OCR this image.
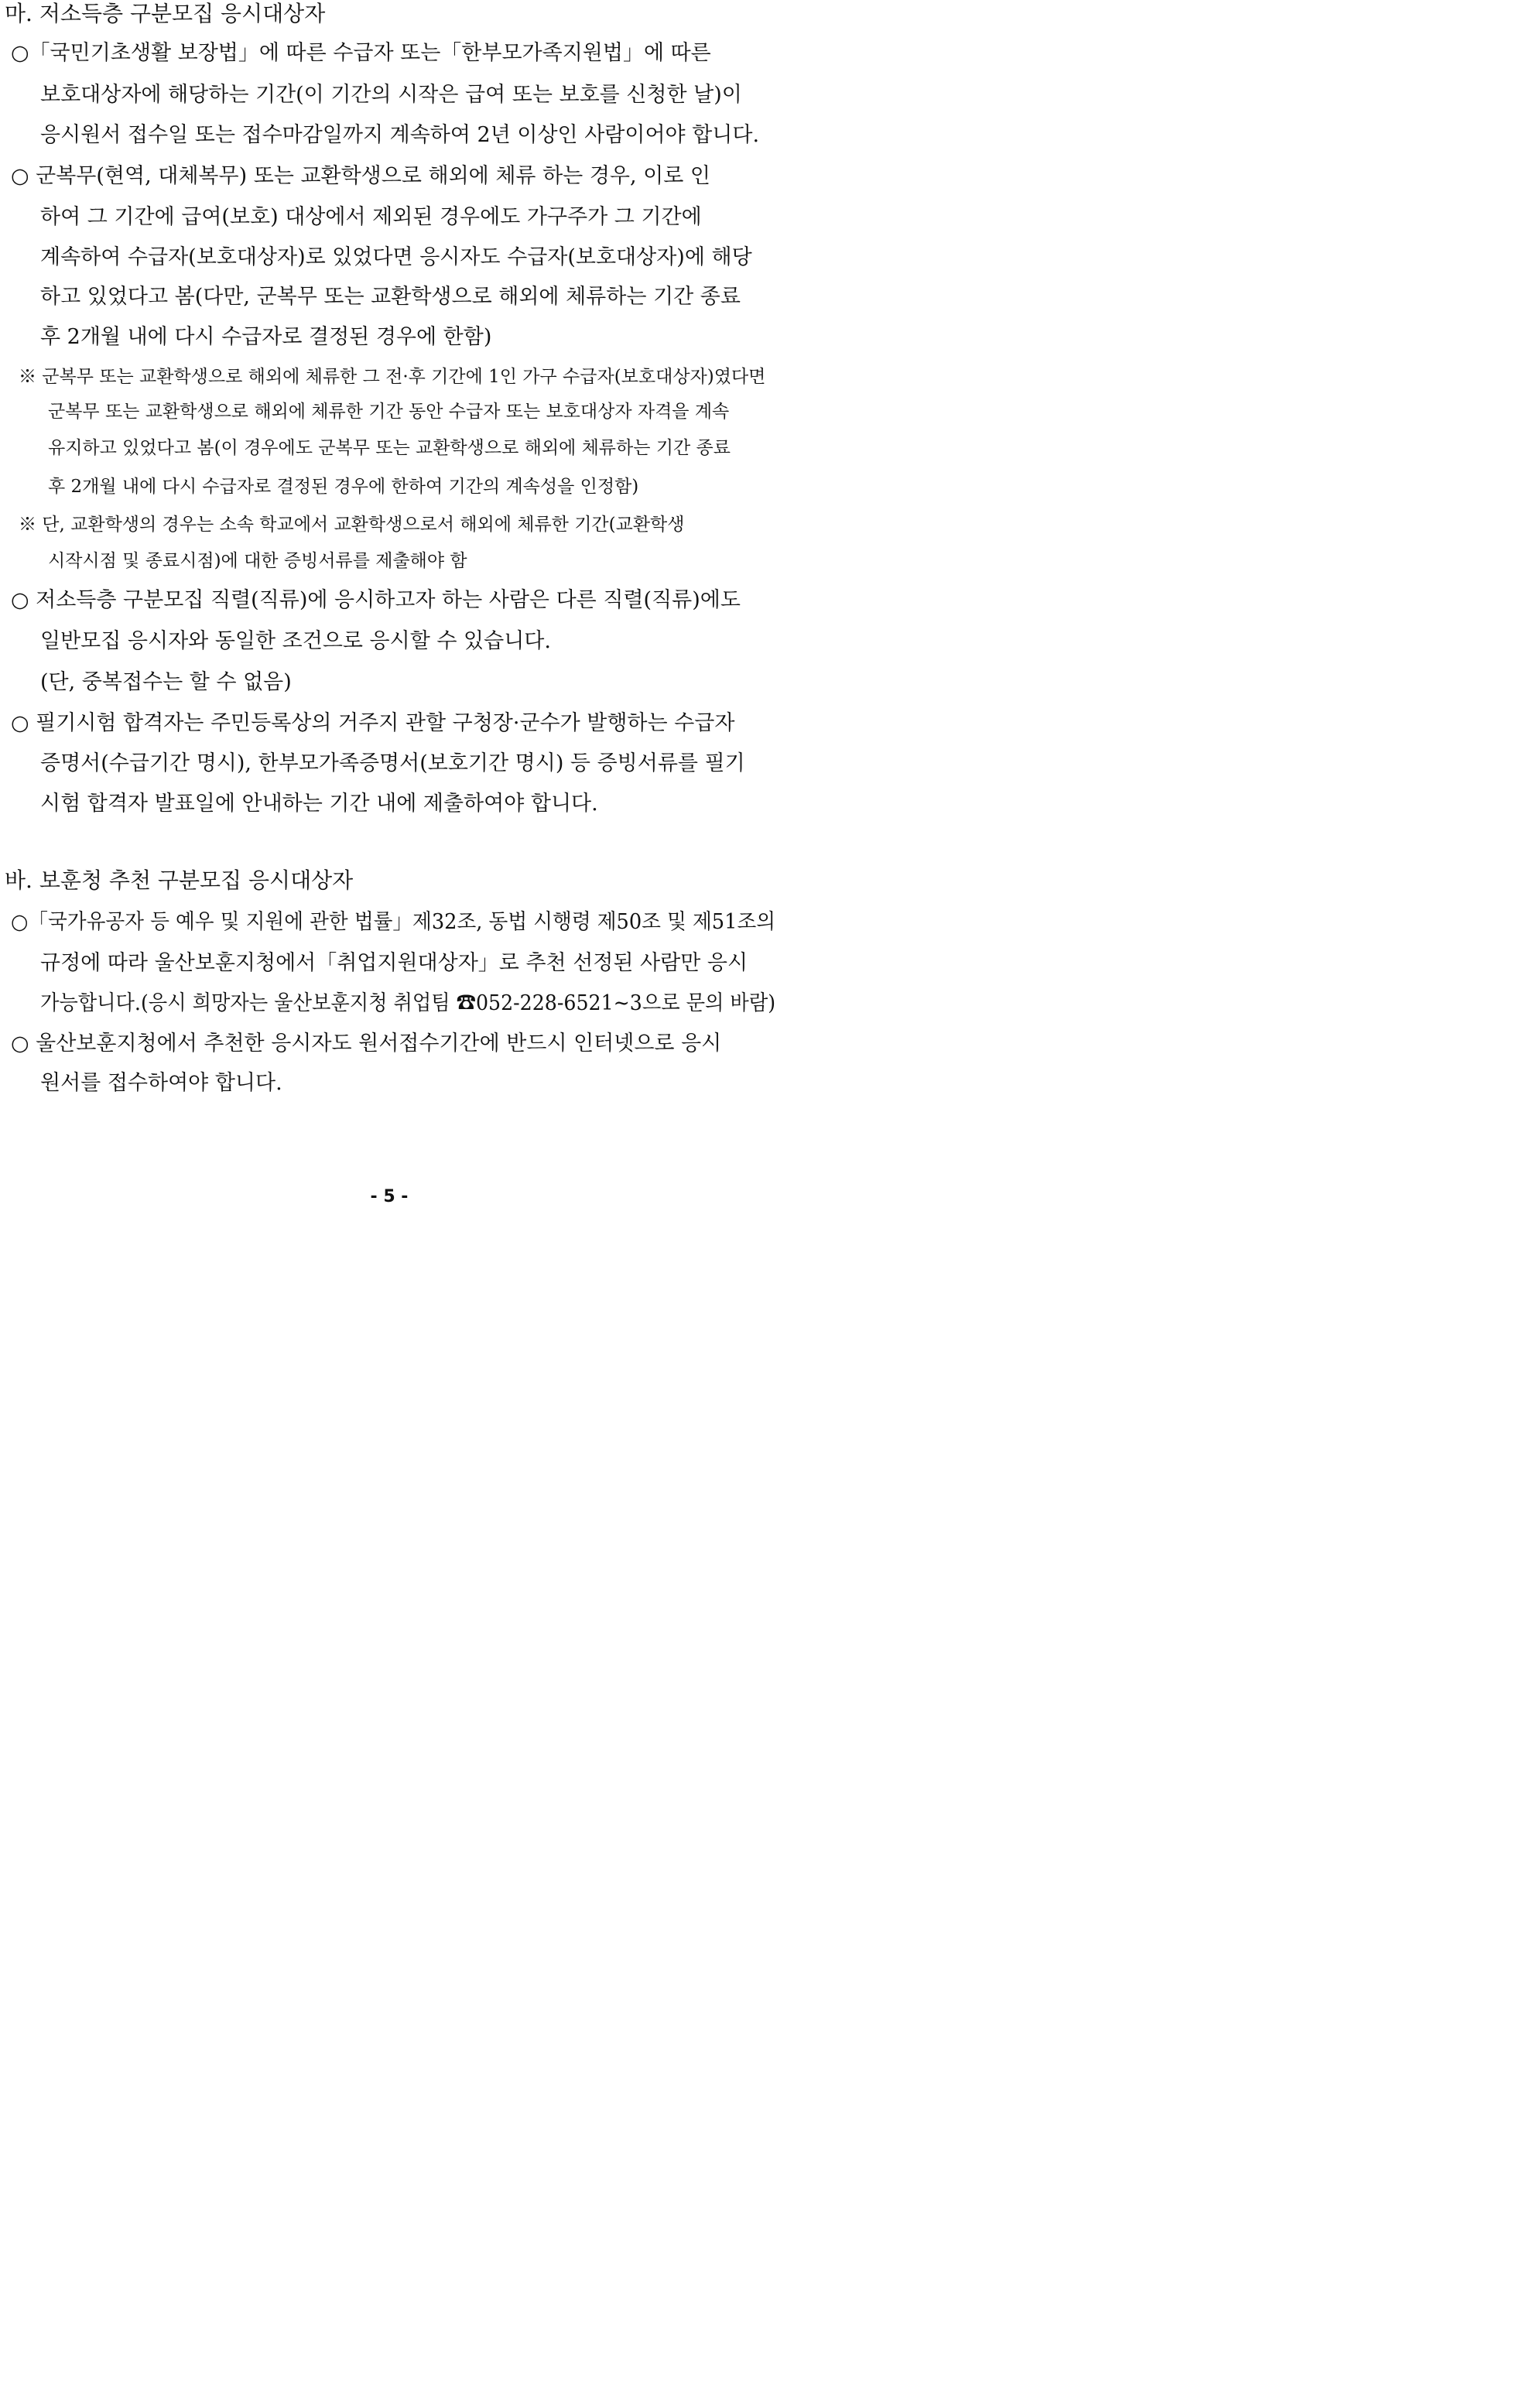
마. 저소득층 구분모집 응시대상자
○「국민기초생활 보장법」에 따른 수급자 또는「한부모가족지원법」에 따른
보호대상자에 해당하는 기간(이 기간의 시작은 급여 또는 보호를 신청한 날)이
응시원서 접수일 또는 접수마감일까지 계속하여 2년 이상인 사람이어야 합니다.
○ 군복무(현역, 대체복무) 또는 교환학생으로 해외에 체류 하는 경우, 이로 인
하여 그 기간에 급여(보호) 대상에서 제외된 경우에도 가구주가 그 기간에
계속하여 수급자(보호대상자)로 있었다면 응시자도 수급자(보호대상자)에 해당
하고 있었다고 봄(다만, 군복무 또는 교환학생으로 해외에 체류하는 기간 종료
후 2개월 내에 다시 수급자로 결정된 경우에 한함)
※ 군복무 또는 교환학생으로 해외에 체류한 그 전·후 기간에 1인 가구 수급자(보호대상자)였다면
군복무 또는 교환학생으로 해외에 체류한 기간 동안 수급자 또는 보호대상자 자격을 계속
유지하고 있었다고 봄(이 경우에도 군복무 또는 교환학생으로 해외에 체류하는 기간 종료
후 2개월 내에 다시 수급자로 결정된 경우에 한하여 기간의 계속성을 인정함)
※ 단, 교환학생의 경우는 소속 학교에서 교환학생으로서 해외에 체류한 기간(교환학생
시작시점 및 종료시점)에 대한 증빙서류를 제출해야 함
○ 저소득층 구분모집 직렬(직류)에 응시하고자 하는 사람은 다른 직렬(직류)에도
일반모집 응시자와 동일한 조건으로 응시할 수 있습니다.
(단, 중복접수는 할 수 없음)
○ 필기시험 합격자는 주민등록상의 거주지 관할 구청장·군수가 발행하는 수급자
증명서(수급기간 명시), 한부모가족증명서(보호기간 명시) 등 증빙서류를 필기
시험 합격자 발표일에 안내하는 기간 내에 제출하여야 합니다.
바. 보훈청 추천 구분모집 응시대상자
○「국가유공자 등 예우 및 지원에 관한 법률」제32조, 동법 시행령 제50조 및 제51조의
규정에 따라 울산보훈지청에서「취업지원대상자」로 추천 선정된 사람만 응시
가능합니다.(응시 희망자는 울산보훈지청 취업팀 ☎052-228-6521~3으로 문의 바람)
○ 울산보훈지청에서 추천한 응시자도 원서접수기간에 반드시 인터넷으로 응시
원서를 접수하여야 합니다.
- 5 -
